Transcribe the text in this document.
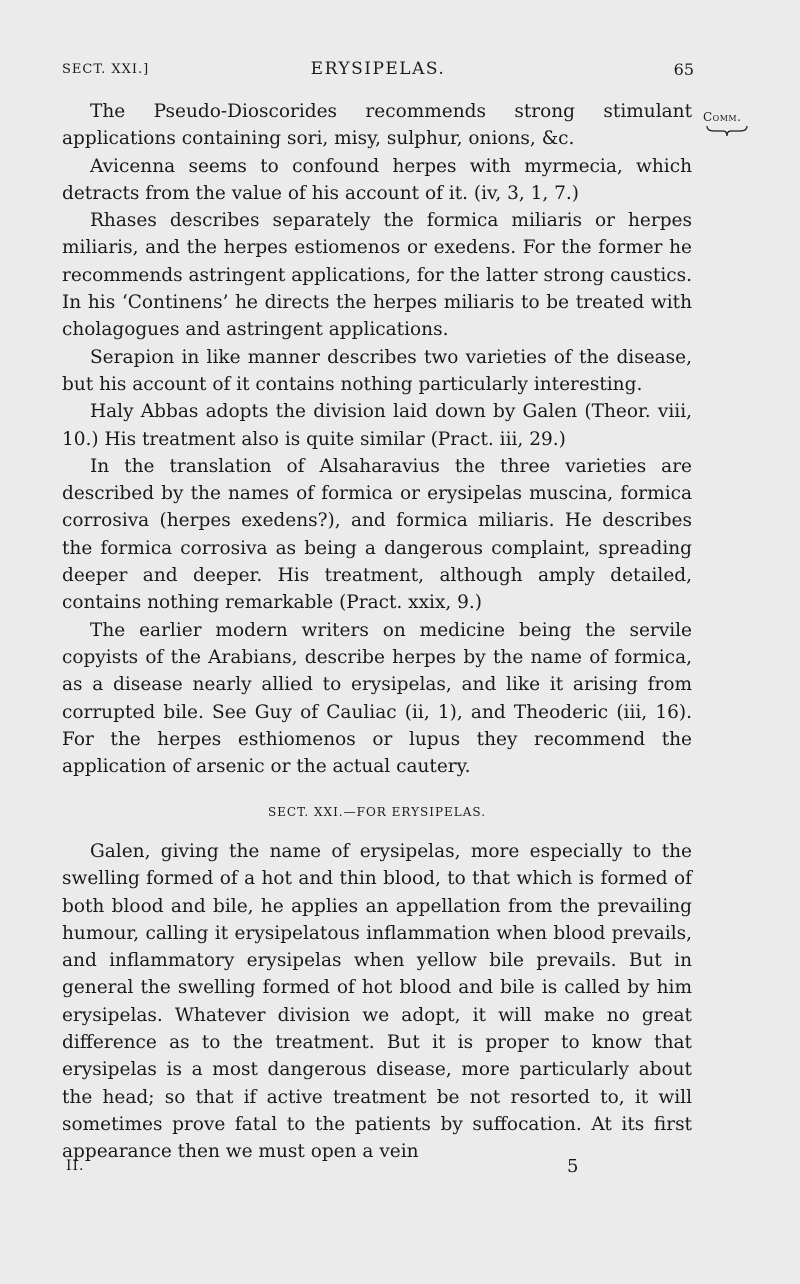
SECT. XXI.]	ERYSIPELAS.	65
Comm.

The Pseudo-Dioscorides recommends strong stimulant applications containing sori, misy, sulphur, onions, &c.

Avicenna seems to confound herpes with myrmecia, which detracts from the value of his account of it. (iv, 3, 1, 7.)

Rhases describes separately the formica miliaris or herpes miliaris, and the herpes estiomenos or exedens. For the former he recommends astringent applications, for the latter strong caustics. In his ‘Continens’ he directs the herpes miliaris to be treated with cholagogues and astringent applications.

Serapion in like manner describes two varieties of the disease, but his account of it contains nothing particularly interesting.

Haly Abbas adopts the division laid down by Galen (Theor. viii, 10.) His treatment also is quite similar (Pract. iii, 29.)

In the translation of Alsaharavius the three varieties are described by the names of formica or erysipelas muscina, formica corrosiva (herpes exedens?), and formica miliaris. He describes the formica corrosiva as being a dangerous complaint, spreading deeper and deeper. His treatment, although amply detailed, contains nothing remarkable (Pract. xxix, 9.)

The earlier modern writers on medicine being the servile copyists of the Arabians, describe herpes by the name of formica, as a disease nearly allied to erysipelas, and like it arising from corrupted bile. See Guy of Cauliac (ii, 1), and Theoderic (iii, 16). For the herpes esthiomenos or lupus they recommend the application of arsenic or the actual cautery.

SECT. XXI.—FOR ERYSIPELAS.

Galen, giving the name of erysipelas, more especially to the swelling formed of a hot and thin blood, to that which is formed of both blood and bile, he applies an appellation from the prevailing humour, calling it erysipelatous inflammation when blood prevails, and inflammatory erysipelas when yellow bile prevails. But in general the swelling formed of hot blood and bile is called by him erysipelas. Whatever division we adopt, it will make no great difference as to the treatment. But it is proper to know that erysipelas is a most dangerous disease, more particularly about the head; so that if active treatment be not resorted to, it will sometimes prove fatal to the patients by suffocation. At its first appearance then we must open a vein

II.	5
